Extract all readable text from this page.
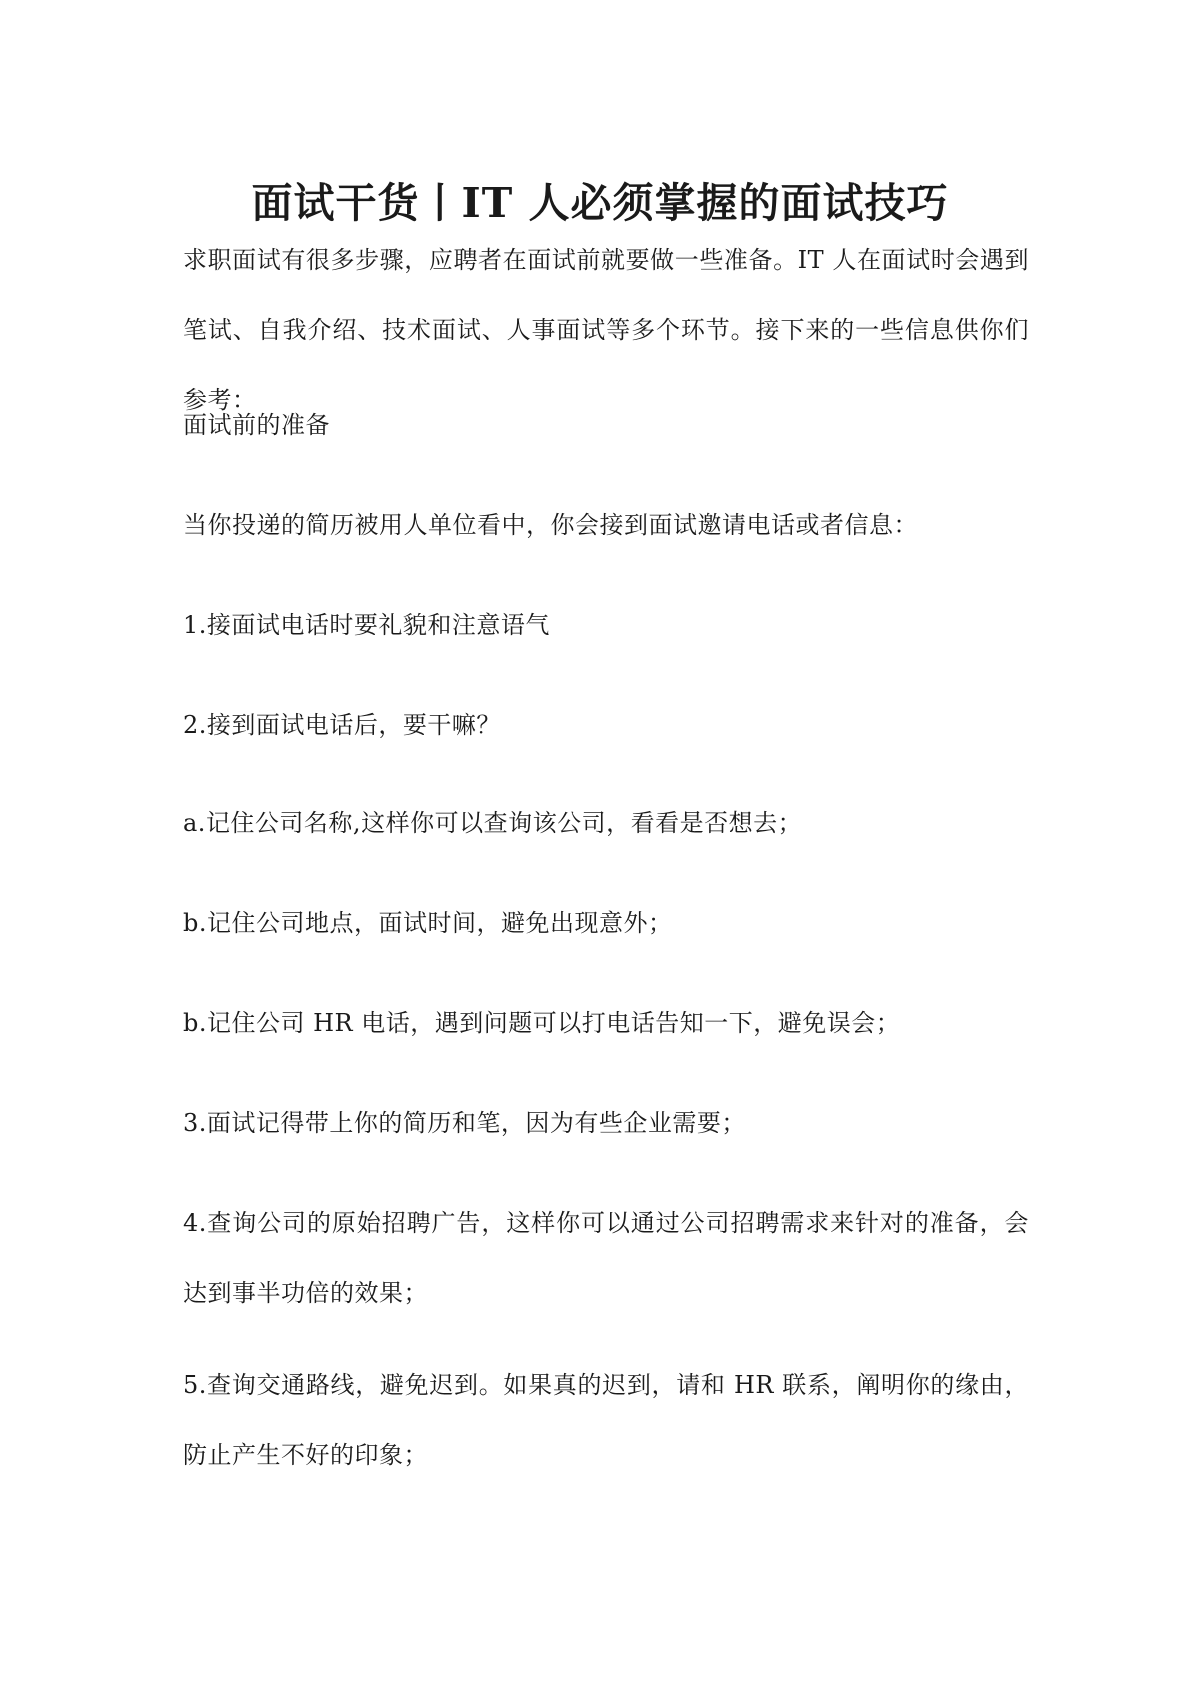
面试干货丨IT 人必须掌握的面试技巧

求职面试有很多步骤，应聘者在面试前就要做一些准备。IT 人在面试时会遇到笔试、自我介绍、技术面试、人事面试等多个环节。接下来的一些信息供你们参考：

面试前的准备

当你投递的简历被用人单位看中，你会接到面试邀请电话或者信息：

1.接面试电话时要礼貌和注意语气

2.接到面试电话后，要干嘛？

a.记住公司名称,这样你可以查询该公司，看看是否想去；

b.记住公司地点，面试时间，避免出现意外；

b.记住公司 HR 电话，遇到问题可以打电话告知一下，避免误会；

3.面试记得带上你的简历和笔，因为有些企业需要；

4.查询公司的原始招聘广告，这样你可以通过公司招聘需求来针对的准备，会达到事半功倍的效果；

5.查询交通路线，避免迟到。如果真的迟到，请和 HR 联系，阐明你的缘由，防止产生不好的印象；
